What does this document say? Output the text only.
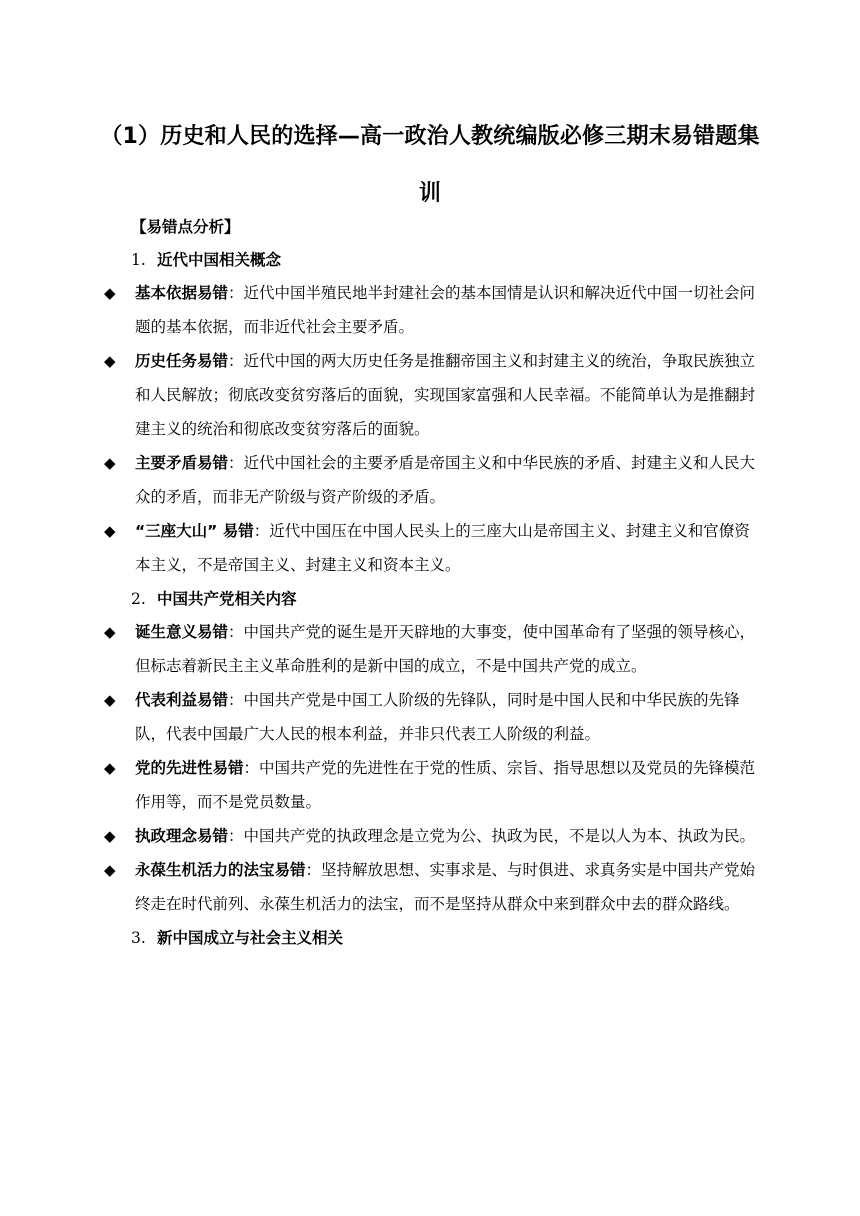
（1）历史和人民的选择—高一政治人教统编版必修三期末易错题集
训
【易错点分析】
1. 近代中国相关概念
◆ 基本依据易错：近代中国半殖民地半封建社会的基本国情是认识和解决近代中国一切社会问题的基本依据，而非近代社会主要矛盾。
◆ 历史任务易错：近代中国的两大历史任务是推翻帝国主义和封建主义的统治，争取民族独立和人民解放；彻底改变贫穷落后的面貌，实现国家富强和人民幸福。不能简单认为是推翻封建主义的统治和彻底改变贫穷落后的面貌。
◆ 主要矛盾易错：近代中国社会的主要矛盾是帝国主义和中华民族的矛盾、封建主义和人民大众的矛盾，而非无产阶级与资产阶级的矛盾。
◆ “三座大山” 易错：近代中国压在中国人民头上的三座大山是帝国主义、封建主义和官僚资本主义，不是帝国主义、封建主义和资本主义。
2. 中国共产党相关内容
◆ 诞生意义易错：中国共产党的诞生是开天辟地的大事变，使中国革命有了坚强的领导核心，但标志着新民主主义革命胜利的是新中国的成立，不是中国共产党的成立。
◆ 代表利益易错：中国共产党是中国工人阶级的先锋队，同时是中国人民和中华民族的先锋队，代表中国最广大人民的根本利益，并非只代表工人阶级的利益。
◆ 党的先进性易错：中国共产党的先进性在于党的性质、宗旨、指导思想以及党员的先锋模范作用等，而不是党员数量。
◆ 执政理念易错：中国共产党的执政理念是立党为公、执政为民，不是以人为本、执政为民。
◆ 永葆生机活力的法宝易错：坚持解放思想、实事求是、与时俱进、求真务实是中国共产党始终走在时代前列、永葆生机活力的法宝，而不是坚持从群众中来到群众中去的群众路线。
3. 新中国成立与社会主义相关
